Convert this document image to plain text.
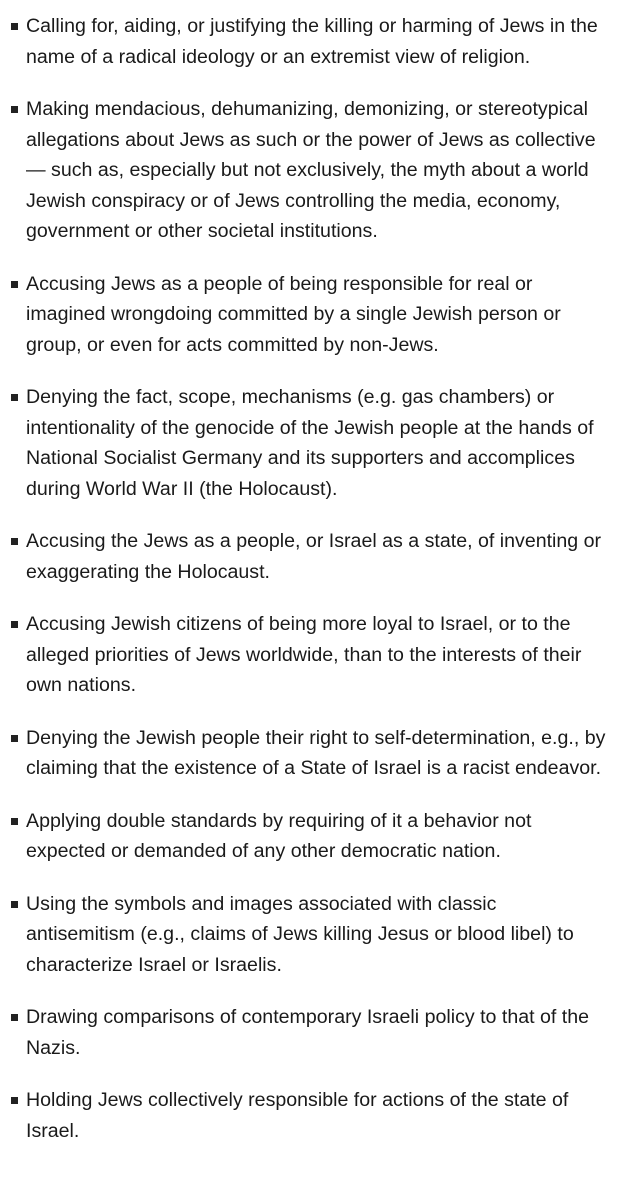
Calling for, aiding, or justifying the killing or harming of Jews in the name of a radical ideology or an extremist view of religion.
Making mendacious, dehumanizing, demonizing, or stereotypical allegations about Jews as such or the power of Jews as collective — such as, especially but not exclusively, the myth about a world Jewish conspiracy or of Jews controlling the media, economy, government or other societal institutions.
Accusing Jews as a people of being responsible for real or imagined wrongdoing committed by a single Jewish person or group, or even for acts committed by non-Jews.
Denying the fact, scope, mechanisms (e.g. gas chambers) or intentionality of the genocide of the Jewish people at the hands of National Socialist Germany and its supporters and accomplices during World War II (the Holocaust).
Accusing the Jews as a people, or Israel as a state, of inventing or exaggerating the Holocaust.
Accusing Jewish citizens of being more loyal to Israel, or to the alleged priorities of Jews worldwide, than to the interests of their own nations.
Denying the Jewish people their right to self-determination, e.g., by claiming that the existence of a State of Israel is a racist endeavor.
Applying double standards by requiring of it a behavior not expected or demanded of any other democratic nation.
Using the symbols and images associated with classic antisemitism (e.g., claims of Jews killing Jesus or blood libel) to characterize Israel or Israelis.
Drawing comparisons of contemporary Israeli policy to that of the Nazis.
Holding Jews collectively responsible for actions of the state of Israel.
